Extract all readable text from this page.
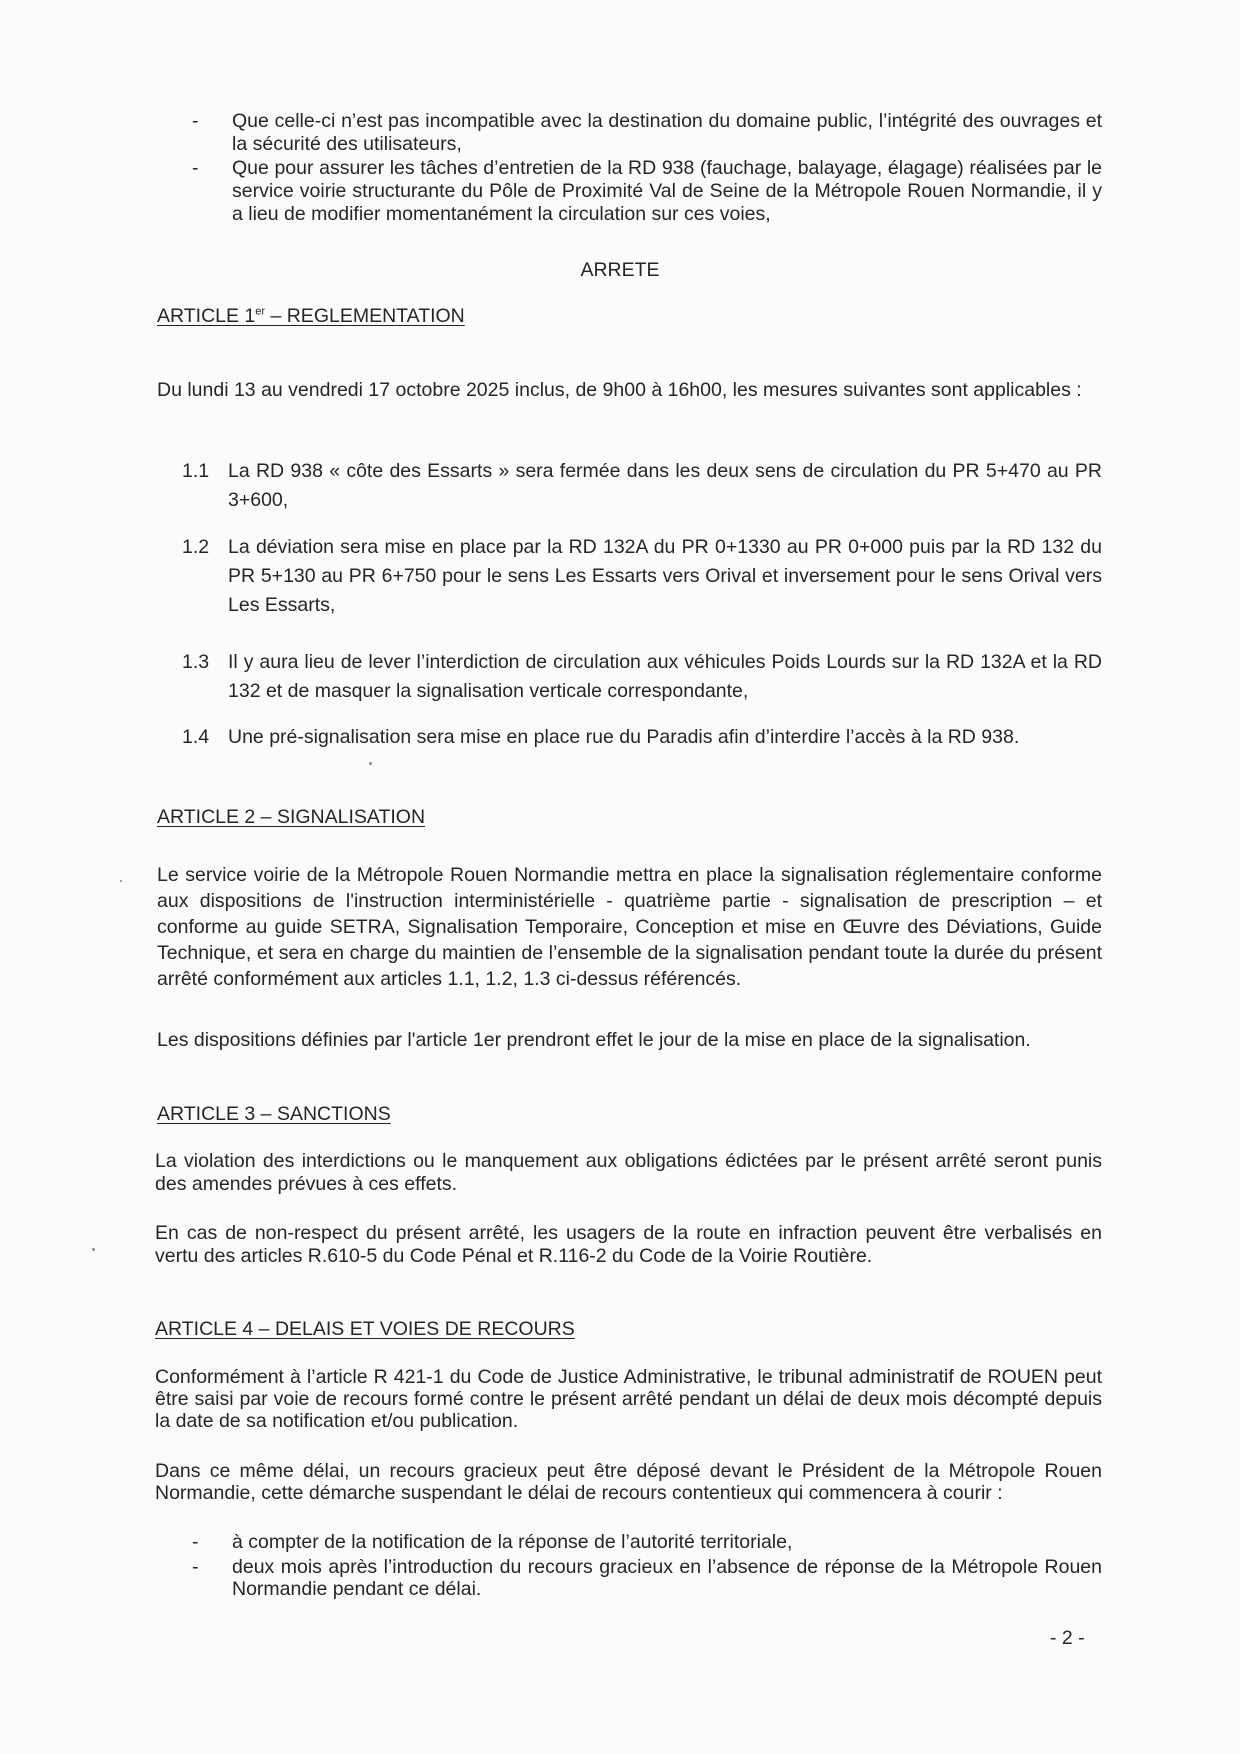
- Que celle-ci n’est pas incompatible avec la destination du domaine public, l’intégrité des ouvrages et la sécurité des utilisateurs,
- Que pour assurer les tâches d’entretien de la RD 938 (fauchage, balayage, élagage) réalisées par le service voirie structurante du Pôle de Proximité Val de Seine de la Métropole Rouen Normandie, il y a lieu de modifier momentanément la circulation sur ces voies,
ARRETE
ARTICLE 1er – REGLEMENTATION
Du lundi 13 au vendredi 17 octobre 2025 inclus, de 9h00 à 16h00, les mesures suivantes sont applicables :
1.1 La RD 938 « côte des Essarts » sera fermée dans les deux sens de circulation du PR 5+470 au PR 3+600,
1.2 La déviation sera mise en place par la RD 132A du PR 0+1330 au PR 0+000 puis par la RD 132 du PR 5+130 au PR 6+750 pour le sens Les Essarts vers Orival et inversement pour le sens Orival vers Les Essarts,
1.3 Il y aura lieu de lever l’interdiction de circulation aux véhicules Poids Lourds sur la RD 132A et la RD 132 et de masquer la signalisation verticale correspondante,
1.4 Une pré-signalisation sera mise en place rue du Paradis afin d’interdire l’accès à la RD 938.
ARTICLE 2 – SIGNALISATION
Le service voirie de la Métropole Rouen Normandie mettra en place la signalisation réglementaire conforme aux dispositions de l'instruction interministérielle - quatrième partie - signalisation de prescription – et conforme au guide SETRA, Signalisation Temporaire, Conception et mise en Œuvre des Déviations, Guide Technique, et sera en charge du maintien de l’ensemble de la signalisation pendant toute la durée du présent arrêté conformément aux articles 1.1, 1.2, 1.3 ci-dessus référencés.
Les dispositions définies par l'article 1er prendront effet le jour de la mise en place de la signalisation.
ARTICLE 3 – SANCTIONS
La violation des interdictions ou le manquement aux obligations édictées par le présent arrêté seront punis des amendes prévues à ces effets.
En cas de non-respect du présent arrêté, les usagers de la route en infraction peuvent être verbalisés en vertu des articles R.610-5 du Code Pénal et R.116-2 du Code de la Voirie Routière.
ARTICLE 4 – DELAIS ET VOIES DE RECOURS
Conformément à l’article R 421-1 du Code de Justice Administrative, le tribunal administratif de ROUEN peut être saisi par voie de recours formé contre le présent arrêté pendant un délai de deux mois décompté depuis la date de sa notification et/ou publication.
Dans ce même délai, un recours gracieux peut être déposé devant le Président de la Métropole Rouen Normandie, cette démarche suspendant le délai de recours contentieux qui commencera à courir :
- à compter de la notification de la réponse de l’autorité territoriale,
- deux mois après l’introduction du recours gracieux en l’absence de réponse de la Métropole Rouen Normandie pendant ce délai.
- 2 -
